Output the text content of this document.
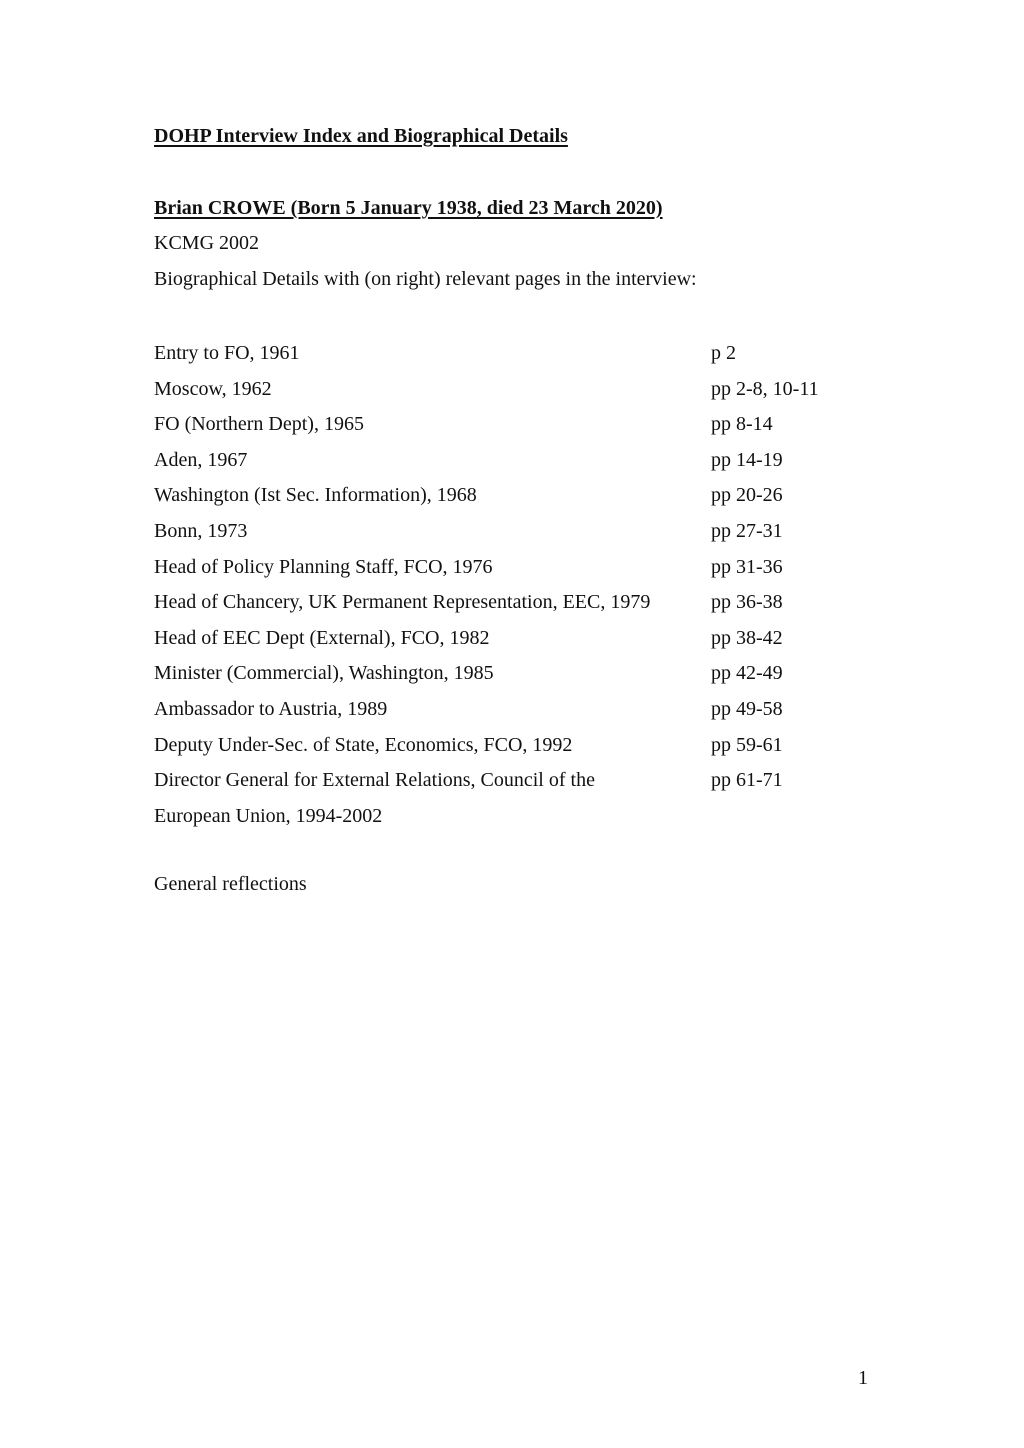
DOHP Interview Index and Biographical Details
Brian CROWE (Born 5 January 1938, died 23 March 2020)
KCMG 2002
Biographical Details with (on right) relevant pages in the interview:
Entry to FO, 1961	p 2
Moscow, 1962	pp 2-8, 10-11
FO (Northern Dept), 1965	pp 8-14
Aden, 1967	pp 14-19
Washington (Ist Sec. Information), 1968	pp 20-26
Bonn, 1973	pp 27-31
Head of Policy Planning Staff, FCO, 1976	pp 31-36
Head of Chancery, UK Permanent Representation, EEC, 1979	pp 36-38
Head of EEC Dept (External), FCO, 1982	pp 38-42
Minister (Commercial), Washington, 1985	pp 42-49
Ambassador to Austria, 1989	pp 49-58
Deputy Under-Sec. of State, Economics, FCO, 1992	pp 59-61
Director General for External Relations, Council of the	pp 61-71
European Union, 1994-2002
General reflections
1
